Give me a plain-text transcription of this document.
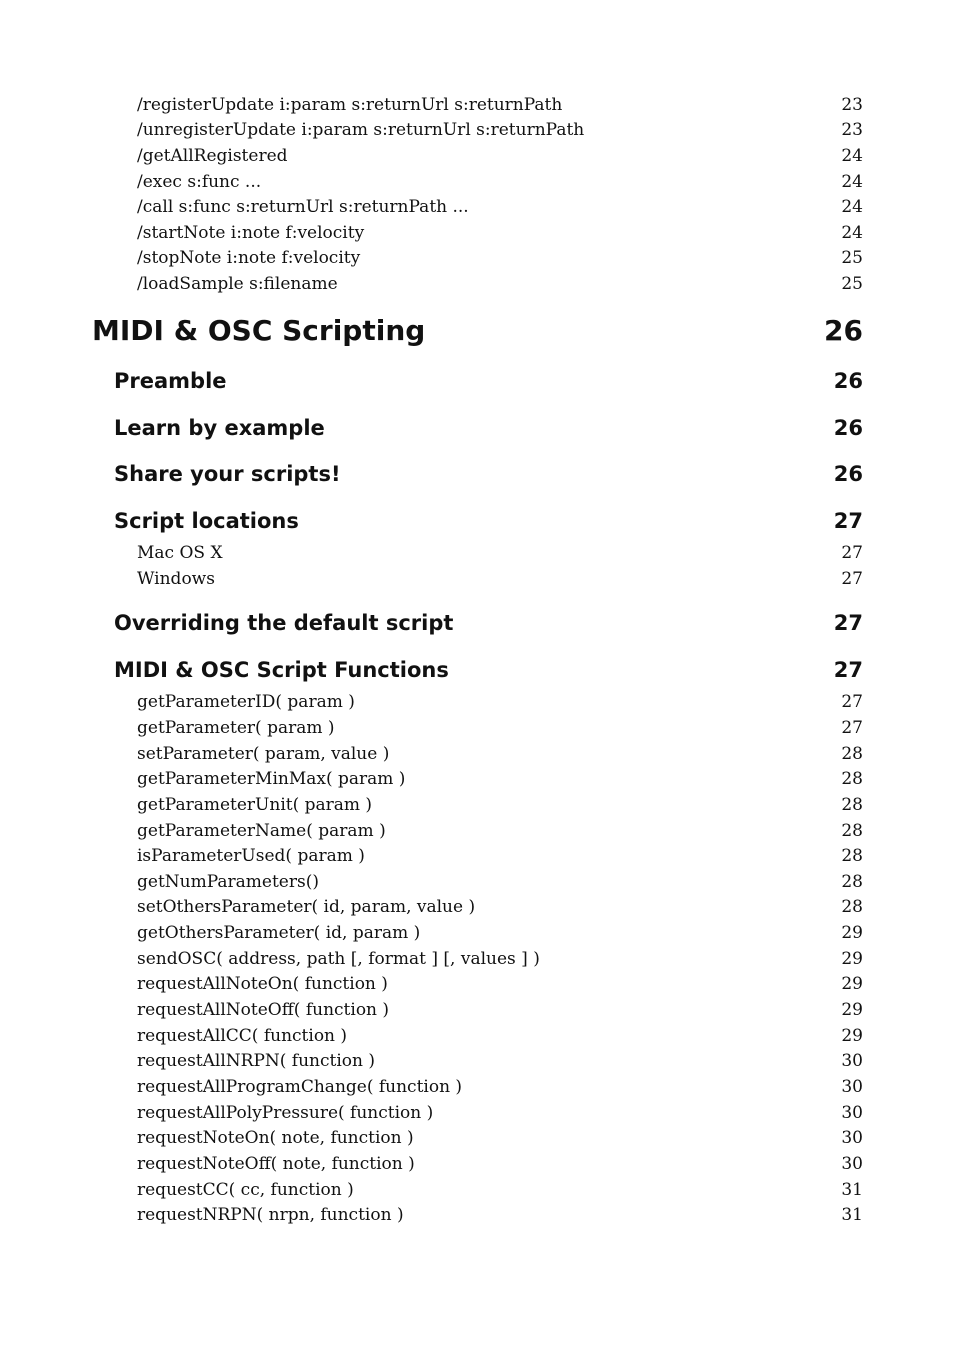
/registerUpdate i:param s:returnUrl s:returnPath	23
/unregisterUpdate i:param s:returnUrl s:returnPath	23
/getAllRegistered	24
/exec s:func ...	24
/call s:func s:returnUrl s:returnPath ...	24
/startNote i:note f:velocity	24
/stopNote i:note f:velocity	25
/loadSample s:filename	25
MIDI & OSC Scripting	26
Preamble	26
Learn by example	26
Share your scripts!	26
Script locations	27
Mac OS X	27
Windows	27
Overriding the default script	27
MIDI & OSC Script Functions	27
getParameterID( param )	27
getParameter( param )	27
setParameter( param, value )	28
getParameterMinMax( param )	28
getParameterUnit( param )	28
getParameterName( param )	28
isParameterUsed( param )	28
getNumParameters()	28
setOthersParameter( id, param, value )	28
getOthersParameter( id, param )	29
sendOSC( address, path [, format ] [, values ] )	29
requestAllNoteOn( function )	29
requestAllNoteOff( function )	29
requestAllCC( function )	29
requestAllNRPN( function )	30
requestAllProgramChange( function )	30
requestAllPolyPressure( function )	30
requestNoteOn( note, function )	30
requestNoteOff( note, function )	30
requestCC( cc, function )	31
requestNRPN( nrpn, function )	31
